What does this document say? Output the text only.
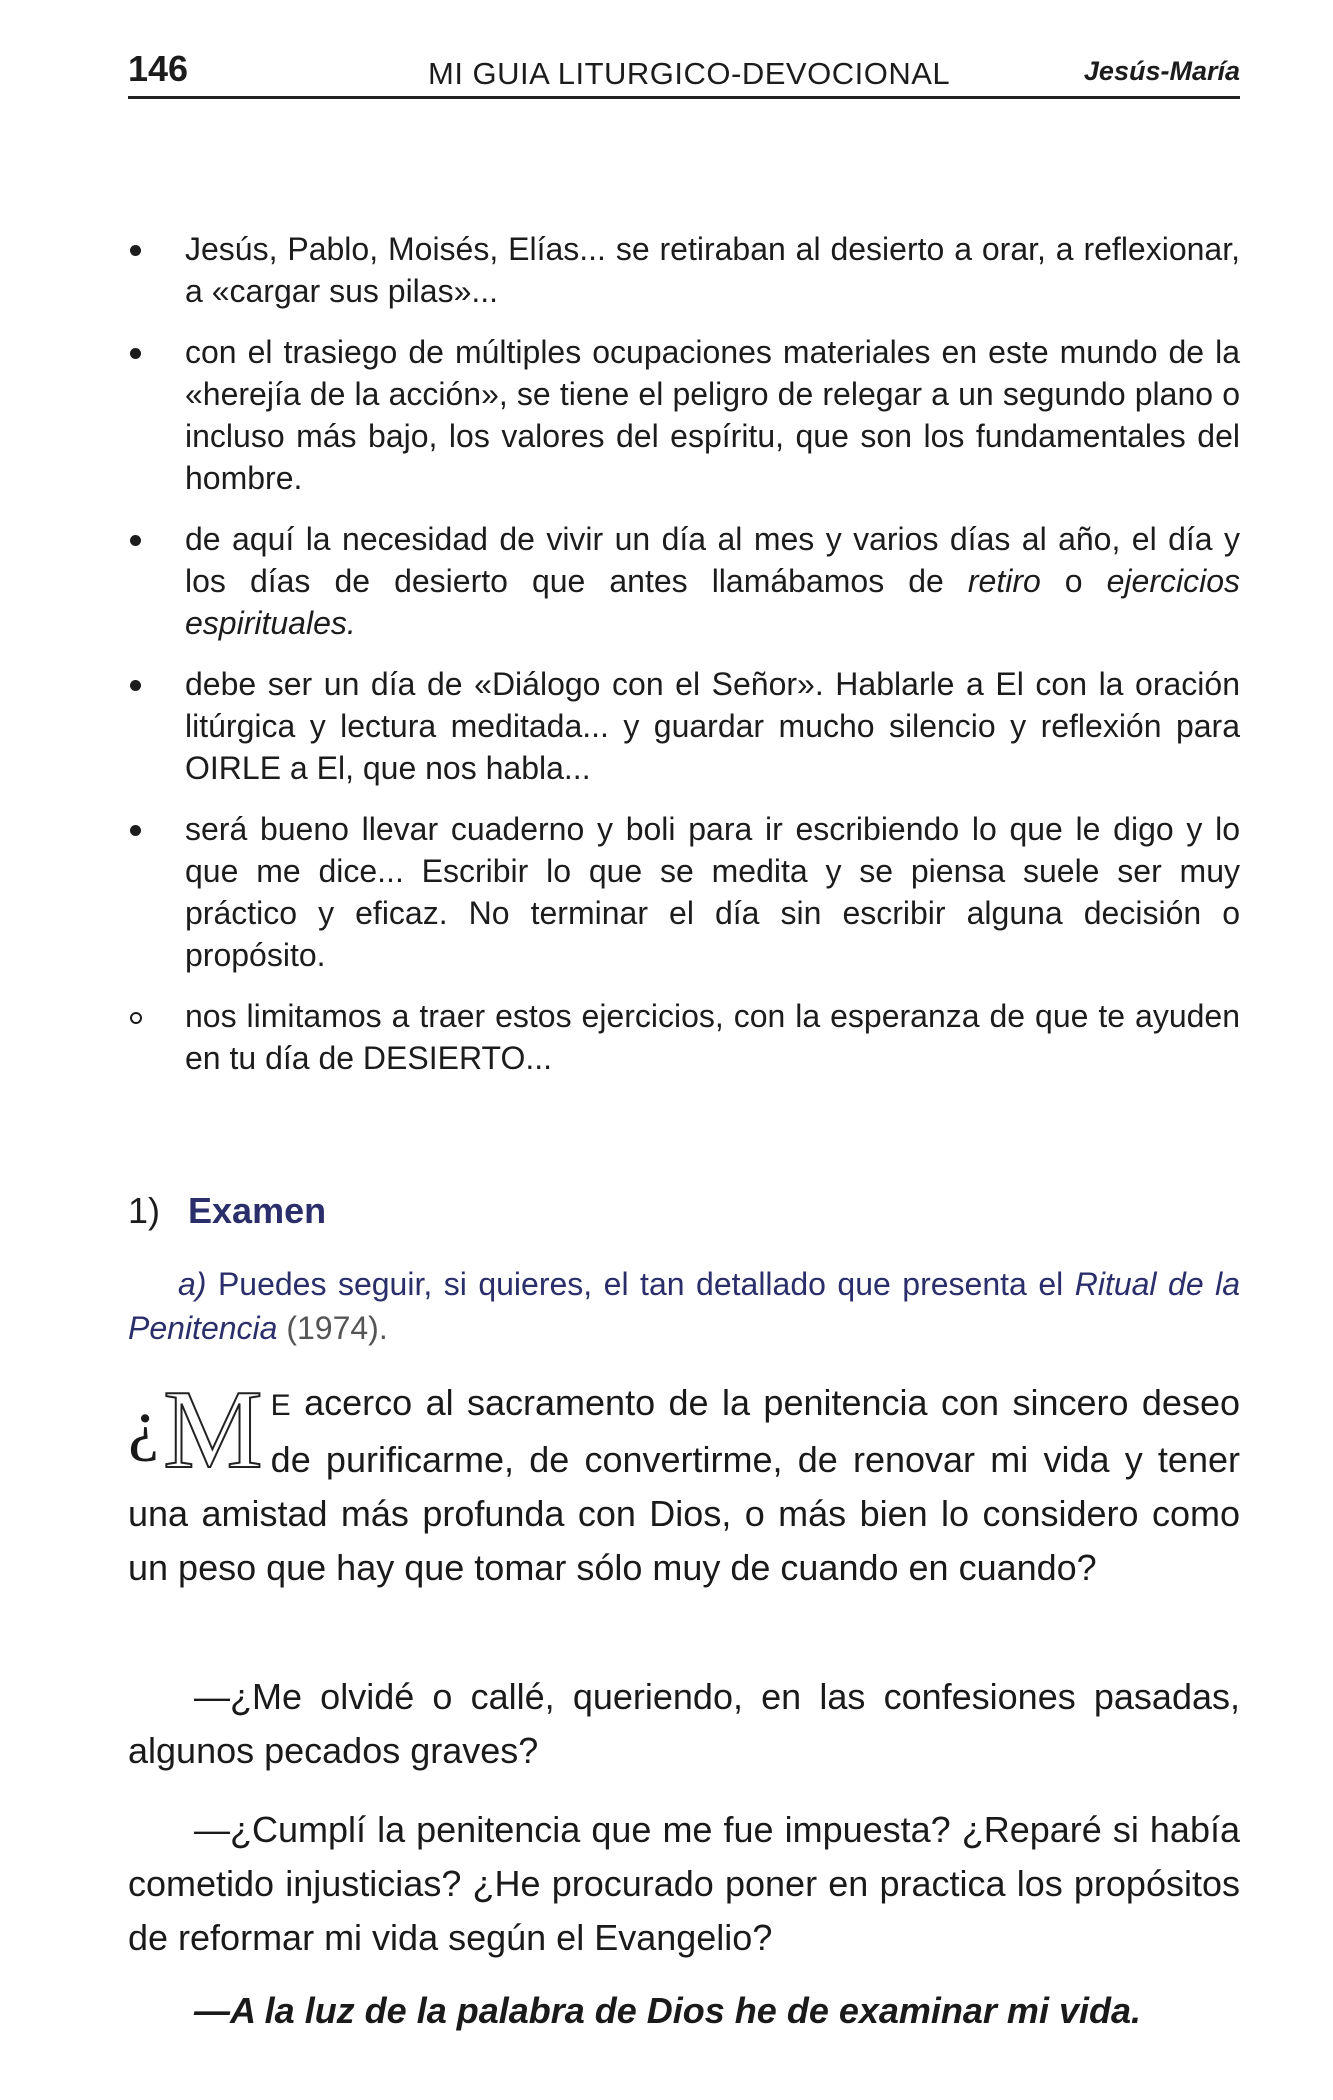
146	MI GUIA LITURGICO-DEVOCIONAL	Jesús-María
Jesús, Pablo, Moisés, Elías... se retiraban al desierto a orar, a reflexionar, a «cargar sus pilas»...
con el trasiego de múltiples ocupaciones materiales en este mundo de la «herejía de la acción», se tiene el peligro de relegar a un segundo plano o incluso más bajo, los valores del espíritu, que son los fundamentales del hombre.
de aquí la necesidad de vivir un día al mes y varios días al año, el día y los días de desierto que antes llamábamos de retiro o ejercicios espirituales.
debe ser un día de «Diálogo con el Señor». Hablarle a El con la oración litúrgica y lectura meditada... y guardar mucho silencio y reflexión para OIRLE a El, que nos habla...
será bueno llevar cuaderno y boli para ir escribiendo lo que le digo y lo que me dice... Escribir lo que se medita y se piensa suele ser muy práctico y eficaz. No terminar el día sin escribir alguna decisión o propósito.
nos limitamos a traer estos ejercicios, con la esperanza de que te ayuden en tu día de DESIERTO...
1) Examen
a) Puedes seguir, si quieres, el tan detallado que presenta el Ritual de la Penitencia (1974).
¿ M E acerco al sacramento de la penitencia con sincero deseo de purificarme, de convertirme, de renovar mi vida y tener una amistad más profunda con Dios, o más bien lo considero como un peso que hay que tomar sólo muy de cuando en cuando?
—¿Me olvidé o callé, queriendo, en las confesiones pasadas, algunos pecados graves?
—¿Cumplí la penitencia que me fue impuesta? ¿Reparé si había cometido injusticias? ¿He procurado poner en practica los propósitos de reformar mi vida según el Evangelio?
—A la luz de la palabra de Dios he de examinar mi vida.
